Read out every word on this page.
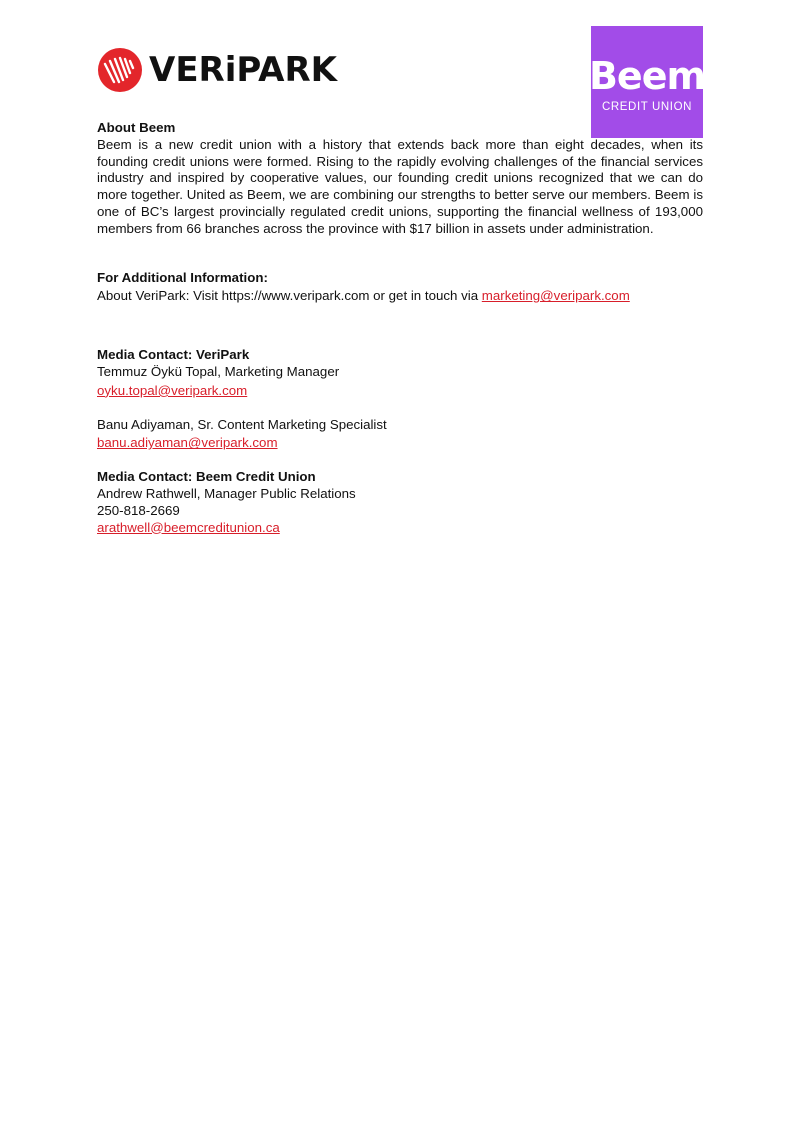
VERiPARK	Beem
CREDIT UNION

About Beem

Beem is a new credit union with a history that extends back more than eight decades, when its founding credit unions were formed. Rising to the rapidly evolving challenges of the financial services industry and inspired by cooperative values, our founding credit unions recognized that we can do more together. United as Beem, we are combining our strengths to better serve our members. Beem is one of BC’s largest provincially regulated credit unions, supporting the financial wellness of 193,000 members from 66 branches across the province with $17 billion in assets under administration.

For Additional Information:

About VeriPark: Visit https://www.veripark.com or get in touch via marketing@veripark.com

Media Contact: VeriPark

Temmuz Öykü Topal, Marketing Manager

oyku.topal@veripark.com

Banu Adiyaman, Sr. Content Marketing Specialist

banu.adiyaman@veripark.com

Media Contact: Beem Credit Union

Andrew Rathwell, Manager Public Relations

250-818-2669

arathwell@beemcreditunion.ca
